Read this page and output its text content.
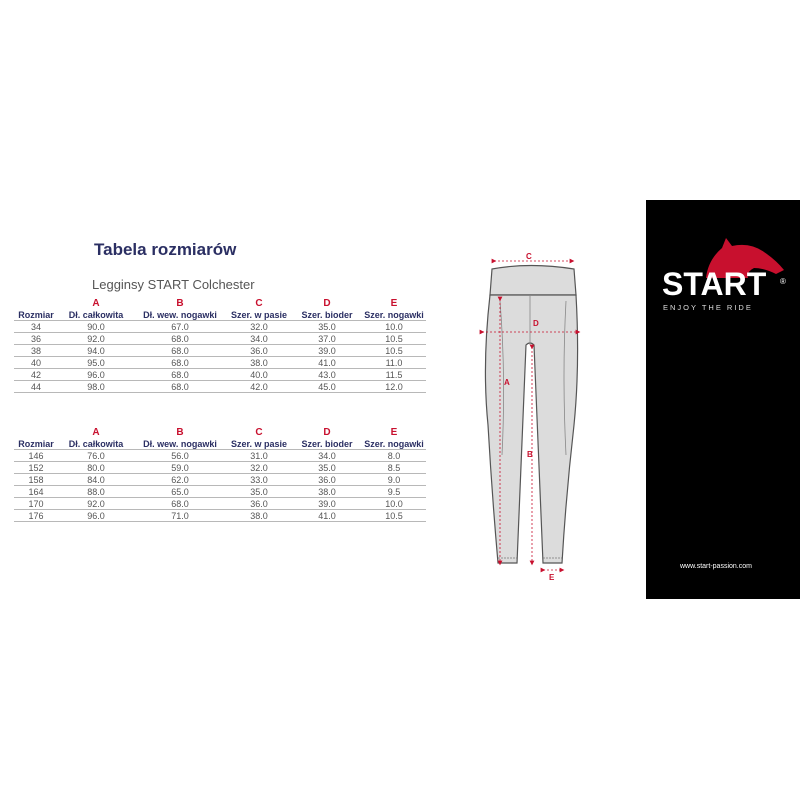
Tabela rozmiarów
Legginsy START Colchester
	A	B	C	D	E
Rozmiar	Dł. całkowita	Dł. wew. nogawki	Szer. w pasie	Szer. bioder	Szer. nogawki
34	90.0	67.0	32.0	35.0	10.0
36	92.0	68.0	34.0	37.0	10.5
38	94.0	68.0	36.0	39.0	10.5
40	95.0	68.0	38.0	41.0	11.0
42	96.0	68.0	40.0	43.0	11.5
44	98.0	68.0	42.0	45.0	12.0
	A	B	C	D	E
Rozmiar	Dł. całkowita	Dł. wew. nogawki	Szer. w pasie	Szer. bioder	Szer. nogawki
146	76.0	56.0	31.0	34.0	8.0
152	80.0	59.0	32.0	35.0	8.5
158	84.0	62.0	33.0	36.0	9.0
164	88.0	65.0	35.0	38.0	9.5
170	92.0	68.0	36.0	39.0	10.0
176	96.0	71.0	38.0	41.0	10.5
C
D
A
B
E
START ®
ENJOY THE RIDE
www.start-passion.com
